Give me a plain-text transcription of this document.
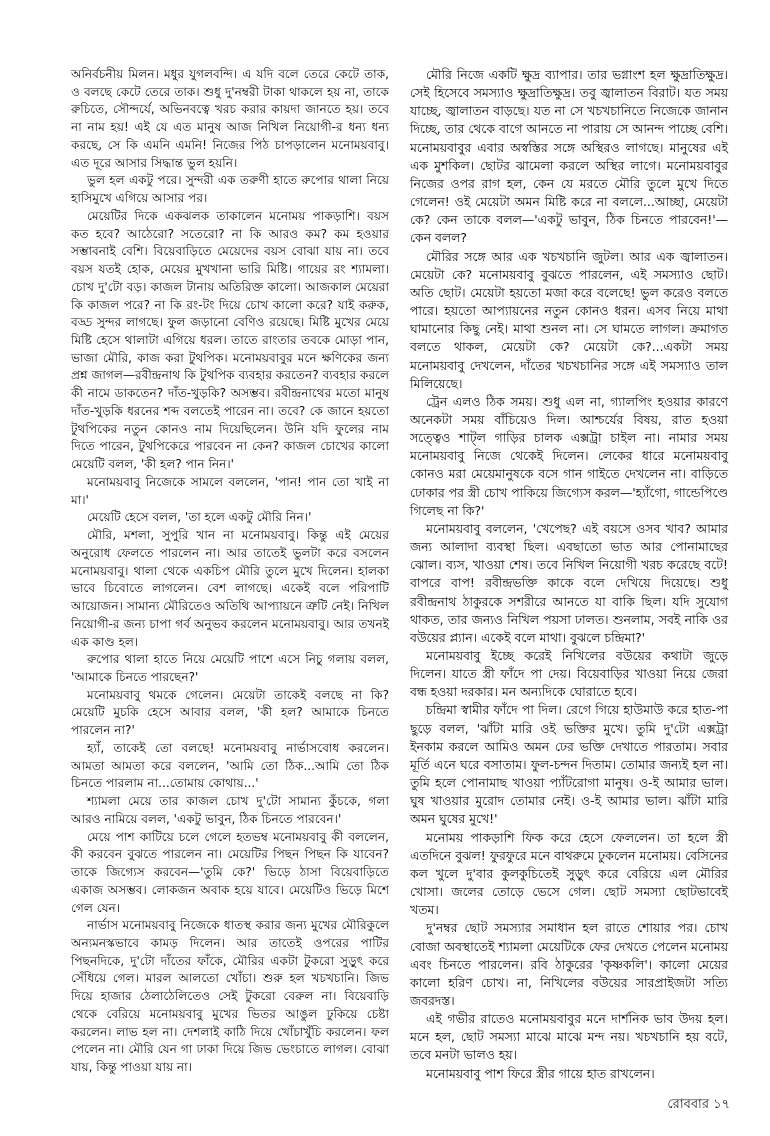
অনির্বচনীয় মিলন। মধুর যুগলবন্দি। এ যদি বলে তেরে কেটে তাক, ও বলছে কেটে তেরে তাক। শুধু দু'নম্বরী টাকা থাকলে হয় না, তাকে রুচিতে, সৌন্দর্যে, অভিনবত্বে খরচ করার কায়দা জানতে হয়। তবে না নাম হয়! এই যে এত মানুষ আজ নিখিল নিয়োগী-র ধন্য ধন্য করছে, সে কি এমনি এমনি! নিজের পিঠ চাপড়ালেন মনোময়বাবু। এত দূরে আসার সিদ্ধান্ত ভুল হয়নি।

ভুল হল একটু পরে। সুন্দরী এক তরুণী হাতে রুপোর থালা নিয়ে হাসিমুখে এগিয়ে আসার পর।

মেয়েটির দিকে একঝলক তাকালেন মনোময় পাকড়াশি। বয়স কত হবে? আঠেরো? সতেরো? না কি আরও কম? কম হওয়ার সম্ভাবনাই বেশি। বিয়েবাড়িতে মেয়েদের বয়স বোঝা যায় না। তবে বয়স যতই হোক, মেয়ের মুখখানা ভারি মিষ্টি। গায়ের রং শ্যামলা। চোখ দু'টো বড়। কাজল টানায় অতিরিক্ত কালো। আজকাল মেয়েরা কি কাজল পরে? না কি রং-টং দিয়ে চোখ কালো করে? যাই করুক, বড্ড সুন্দর লাগছে। ফুল জড়ানো বেণিও রয়েছে। মিষ্টি মুখের মেয়ে মিষ্টি হেসে থালাটা এগিয়ে ধরল। তাতে রাংতার তবকে মোড়া পান, ভাজা মৌরি, কাজ করা টুথপিক। মনোময়বাবুর মনে ক্ষণিকের জন্য প্রশ্ন জাগল—রবীন্দ্রনাথ কি টুথপিক ব্যবহার করতেন? ব্যবহার করলে কী নামে ডাকতেন? দাঁত-খুড়কি? অসম্ভব। রবীন্দ্রনাথের মতো মানুষ দাঁত-খুড়কি ধরনের শব্দ বলতেই পারেন না। তবে? কে জানে হয়তো টুথপিকের নতুন কোনও নাম দিয়েছিলেন। উনি যদি ফুলের নাম দিতে পারেন, টুথপিকেরে পারবেন না কেন? কাজল চোখের কালো মেয়েটি বলল, 'কী হল? পান নিন।'

মনোময়বাবু নিজেকে সামলে বললেন, 'পান! পান তো খাই না মা।'

মেয়েটি হেসে বলল, 'তা হলে একটু মৌরি নিন।'

মৌরি, মশলা, সুপুরি খান না মনোময়বাবু। কিন্তু এই মেয়ের অনুরোধ ফেলতে পারলেন না। আর তাতেই ভুলটা করে বসলেন মনোময়বাবু। থালা থেকে একচিপ মৌরি তুলে মুখে দিলেন। হালকা ভাবে চিবোতে লাগলেন। বেশ লাগছে। একেই বলে পরিপাটি আয়োজন। সামান্য মৌরিতেও অতিথি আপ্যায়নে ত্রুটি নেই। নিখিল নিয়োগী-র জন্য চাপা গর্ব অনুভব করলেন মনোময়বাবু। আর তখনই এক কাণ্ড হল।

রুপোর থালা হাতে নিয়ে মেয়েটি পাশে এসে নিচু গলায় বলল, 'আমাকে চিনতে পারছেন?'

মনোময়বাবু থমকে গেলেন। মেয়েটা তাকেই বলছে না কি? মেয়েটি মুচকি হেসে আবার বলল, 'কী হল? আমাকে চিনতে পারলেন না?'

হ্যাঁ, তাকেই তো বলছে! মনোময়বাবু নার্ভাসবোধ করলেন। আমতা আমতা করে বললেন, 'আমি তো ঠিক...আমি তো ঠিক চিনতে পারলাম না...তোমায় কোথায়...'

শ্যামলা মেয়ে তার কাজল চোখ দু'টো সামান্য কুঁচকে, গলা আরও নামিয়ে বলল, 'একটু ভাবুন, ঠিক চিনতে পারবেন।'

মেয়ে পাশ কাটিয়ে চলে গেলে হতভম্ব মনোময়বাবু কী বললেন, কী করবেন বুঝতে পারলেন না। মেয়েটির পিছন পিছন কি যাবেন? তাকে জিগ্যেস করবেন—'তুমি কে?' ভিড়ে ঠাসা বিয়েবাড়িতে একাজ অসম্ভব। লোকজন অবাক হয়ে যাবে। মেয়েটিও ভিড়ে মিশে গেল যেন।

নার্ভাস মনোময়বাবু নিজেকে ধাতস্থ করার জন্য মুখের মৌরিকুলে অন্যমনস্কভাবে কামড় দিলেন। আর তাতেই ওপরের পাটির পিছনদিকে, দু'টো দাঁতের ফাঁকে, মৌরির একটা টুকরো সুড়ুৎ করে সেঁধিয়ে গেল। মারল আলতো খোঁচা। শুরু হল খচখচানি। জিভ দিয়ে হাজার ঠেলাঠেলিতেও সেই টুকরো বেরুল না। বিয়েবাড়ি থেকে বেরিয়ে মনোময়বাবু মুখের ভিতর আঙুল ঢুকিয়ে চেষ্টা করলেন। লাভ হল না। দেশলাই কাঠি দিয়ে খোঁচাখুঁচি করলেন। ফল পেলেন না। মৌরি যেন গা ঢাকা দিয়ে জিভ ভেংচাতে লাগল। বোঝা যায়, কিন্তু পাওয়া যায় না।

মৌরি নিজে একটি ক্ষুদ্র ব্যাপার। তার ভগ্নাংশ হল ক্ষুদ্রাতিক্ষুদ্র। সেই হিসেবে সমস্যাও ক্ষুদ্রাতিক্ষুদ্র। তবু জ্বালাতন বিরাট। যত সময় যাচ্ছে, জ্বালাতন বাড়ছে। যত না সে খচখচানিতে নিজেকে জানান দিচ্ছে, তার থেকে বাগে আনতে না পারায় সে আনন্দ পাচ্ছে বেশি। মনোময়বাবুর এবার অস্বস্তির সঙ্গে অস্থিরও লাগছে। মানুষের এই এক মুশকিল। ছোটর ঝামেলা করলে অস্থির লাগে। মনোময়বাবুর নিজের ওপর রাগ হল, কেন যে মরতে মৌরি তুলে মুখে দিতে গেলেন! ওই মেয়েটা অমন মিষ্টি করে না বললে...আচ্ছা, মেয়েটা কে? কেন তাকে বলল—'একটু ভাবুন, ঠিক চিনতে পারবেন!'—কেন বলল?

মৌরির সঙ্গে আর এক খচখচানি জুটল। আর এক জ্বালাতন। মেয়েটা কে? মনোময়বাবু বুঝতে পারলেন, এই সমস্যাও ছোট। অতি ছোট। মেয়েটা হয়তো মজা করে বলেছে! ভুল করেও বলতে পারে। হয়তো আপ্যায়নের নতুন কোনও ধরন। এসব নিয়ে মাথা ঘামানোর কিছু নেই। মাথা শুনল না। সে ঘামতে লাগল। ক্রমাগত বলতে থাকল, মেয়েটা কে? মেয়েটা কে?...একটা সময় মনোময়বাবু দেখলেন, দাঁতের খচখচানির সঙ্গে এই সমস্যাও তাল মিলিয়েছে।

ট্রেন এলও ঠিক সময়। শুধু এল না, গ্যালপিং হওয়ার কারণে অনেকটা সময় বাঁচিয়েও দিল। আশ্চর্যের বিষয়, রাত হওয়া সত্ত্বেও শাট্‌ল গাড়ির চালক এক্সট্রা চাইল না। নামার সময় মনোময়বাবু নিজে থেকেই দিলেন। লেকের ধারে মনোময়বাবু কোনও মরা মেয়েমানুষকে বসে গান গাইতে দেখলেন না। বাড়িতে ঢোকার পর স্ত্রী চোখ পাকিয়ে জিগ্যেস করল—'হ্যাঁগো, গান্ডেপিণ্ডে গিলেছ না কি?'

মনোময়বাবু বললেন, 'খেপেছ? এই বয়সে ওসব খাব? আমার জন্য আলাদা ব্যবস্থা ছিল। এবছাতো ভাত আর পোনামাছের ঝোল। ব্যস, খাওয়া শেষ। তবে নিখিল নিয়োগী খরচ করেছে বটে! বাপরে বাপ! রবীন্দ্রভক্তি কাকে বলে দেখিয়ে দিয়েছে। শুধু রবীন্দ্রনাথ ঠাকুরকে সশরীরে আনতে যা বাকি ছিল। যদি সুযোগ থাকত, তার জন্যও নিখিল পয়সা ঢালত। শুনলাম, সবই নাকি ওর বউয়ের প্ল্যান। একেই বলে মাথা। বুঝলে চন্দ্রিমা?'

মনোময়বাবু ইচ্ছে করেই নিখিলের বউয়ের কথাটা জুড়ে দিলেন। যাতে স্ত্রী ফাঁদে পা দেয়। বিয়েবাড়ির খাওয়া নিয়ে জেরা বন্ধ হওয়া দরকার। মন অন্যদিকে ঘোরাতে হবে।

চন্দ্রিমা স্বামীর ফাঁদে পা দিল। রেগে গিয়ে হাউমাউ করে হাত-পা ছুড়ে বলল, 'ঝাঁটা মারি ওই ভক্তির মুখে। তুমি দু'টো এক্সট্রা ইনকাম করলে আমিও অমন ঢের ভক্তি দেখাতে পারতাম। সবার মূর্তি এনে ঘরে বসাতাম। ফুল-চন্দন দিতাম। তোমার জন্যই হল না। তুমি হলে পোনামাছ খাওয়া প্যাঁটরোগা মানুষ। ও-ই আমার ভাল। ঘুষ খাওয়ার মুরোদ তোমার নেই। ও-ই আমার ভাল। ঝাঁটা মারি অমন ঘুষের মুখে!'

মনোময় পাকড়াশি ফিক করে হেসে ফেললেন। তা হলে স্ত্রী এতদিনে বুঝল! ফুরফুরে মনে বাথরুমে ঢুকলেন মনোময়। বেসিনের কল খুলে দু'বার কুলকুচিতেই সুড়ুৎ করে বেরিয়ে এল মৌরির খোসা। জলের তোড়ে ভেসে গেল। ছোট সমস্যা ছোটভাবেই খতম।

দু'নম্বর ছোট সমস্যার সমাধান হল রাতে শোয়ার পর। চোখ বোজা অবস্থাতেই শ্যামলা মেয়েটিকে ফের দেখতে পেলেন মনোময় এবং চিনতে পারলেন। রবি ঠাকুরের 'কৃষ্ণকলি'। কালো মেয়ের কালো হরিণ চোখ। না, নিখিলের বউয়ের সারপ্রাইজটা সত্যি জবরদস্ত।

এই গভীর রাতেও মনোময়বাবুর মনে দার্শনিক ভাব উদয় হল। মনে হল, ছোট সমস্যা মাঝে মাঝে মন্দ নয়। খচখচানি হয় বটে, তবে মনটা ভালও হয়।

মনোময়বাবু পাশ ফিরে স্ত্রীর গায়ে হাত রাখলেন।

রোববার ১৭
